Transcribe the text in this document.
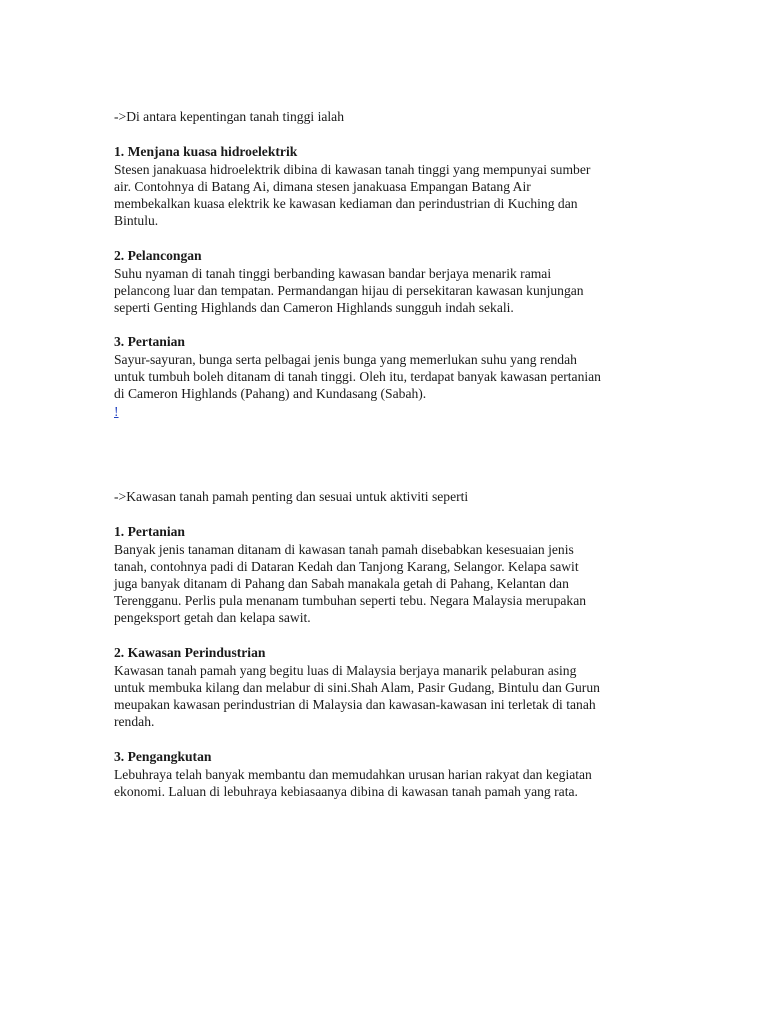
->Di antara kepentingan tanah tinggi ialah

1. Menjana kuasa hidroelektrik

Stesen janakuasa hidroelektrik dibina di kawasan tanah tinggi yang mempunyai sumber
air. Contohnya di Batang Ai, dimana stesen janakuasa Empangan Batang Air
membekalkan kuasa elektrik ke kawasan kediaman dan perindustrian di Kuching dan
Bintulu.

2. Pelancongan

Suhu nyaman di tanah tinggi berbanding kawasan bandar berjaya menarik ramai
pelancong luar dan tempatan. Permandangan hijau di persekitaran kawasan kunjungan
seperti Genting Highlands dan Cameron Highlands sungguh indah sekali.

3. Pertanian

Sayur-sayuran, bunga serta pelbagai jenis bunga yang memerlukan suhu yang rendah
untuk tumbuh boleh ditanam di tanah tinggi. Oleh itu, terdapat banyak kawasan pertanian
di Cameron Highlands (Pahang) and Kundasang (Sabah).

!

->Kawasan tanah pamah penting dan sesuai untuk aktiviti seperti

1. Pertanian

Banyak jenis tanaman ditanam di kawasan tanah pamah disebabkan kesesuaian jenis
tanah, contohnya padi di Dataran Kedah dan Tanjong Karang, Selangor. Kelapa sawit
juga banyak ditanam di Pahang dan Sabah manakala getah di Pahang, Kelantan dan
Terengganu. Perlis pula menanam tumbuhan seperti tebu. Negara Malaysia merupakan
pengeksport getah dan kelapa sawit.

2. Kawasan Perindustrian

Kawasan tanah pamah yang begitu luas di Malaysia berjaya manarik pelaburan asing
untuk membuka kilang dan melabur di sini.Shah Alam, Pasir Gudang, Bintulu dan Gurun
meupakan kawasan perindustrian di Malaysia dan kawasan-kawasan ini terletak di tanah
rendah.

3. Pengangkutan

Lebuhraya telah banyak membantu dan memudahkan urusan harian rakyat dan kegiatan
ekonomi. Laluan di lebuhraya kebiasaanya dibina di kawasan tanah pamah yang rata.
